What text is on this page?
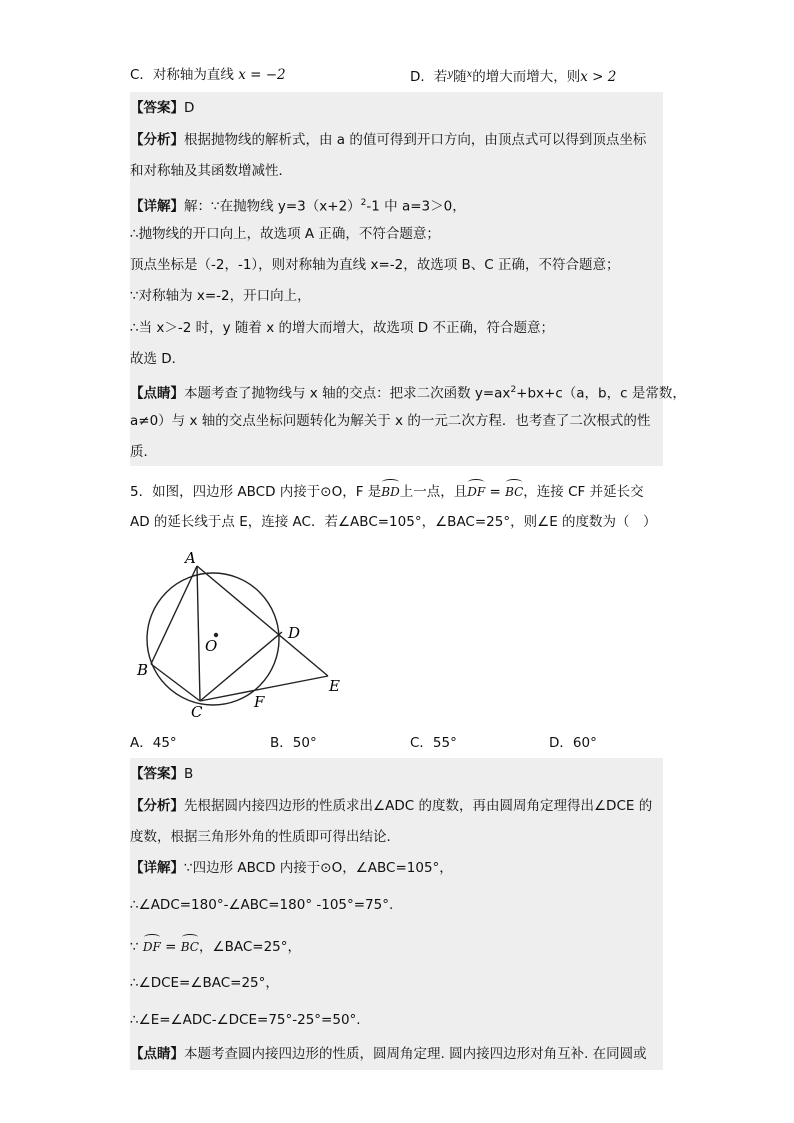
C．对称轴为直线 x = −2	D．若$^y$随$^x$的增大而增大，则x > 2
【答案】D
【分析】根据抛物线的解析式，由 a 的值可得到开口方向，由顶点式可以得到顶点坐标
和对称轴及其函数增减性．
【详解】解：∵在抛物线 $y=3(x+2)^2-1$ 中 a=3＞0，
∴抛物线的开口向上，故选项 A 正确，不符合题意；
顶点坐标是（-2，-1），则对称轴为直线 x=-2，故选项 B、C 正确，不符合题意；
∵对称轴为 x=-2，开口向上，
∴当 x＞-2 时，y 随着 x 的增大而增大，故选项 D 不正确，符合题意；
故选 D．
【点睛】本题考查了抛物线与 x 轴的交点：把求二次函数 $y=ax^2+bx+c(a$，b，c 是常数，
a≠0）与 x 轴的交点坐标问题转化为解关于 x 的一元二次方程．也考查了二次根式的性
质．
5．如图，四边形 ABCD 内接于⊙O，F 是BD上一点，且DF = BC，连接 CF 并延长交
AD 的延长线于点 E，连接 AC．若∠ABC=105°，∠BAC=25°，则∠E 的度数为（　）
A
B
C
D
E
F
O
A．45°	B．50°	C．55°	D．60°
【答案】B
【分析】先根据圆内接四边形的性质求出∠ADC 的度数，再由圆周角定理得出∠DCE 的
度数，根据三角形外角的性质即可得出结论．
【详解】∵四边形 ABCD 内接于⊙O，∠ABC=105°，
∴∠ADC=180°-∠ABC=180° -105°=75°.
∵ DF = BC，∠BAC=25°，
∴∠DCE=∠BAC=25°，
∴∠E=∠ADC-∠DCE=75°-25°=50°.
【点睛】本题考查圆内接四边形的性质，圆周角定理. 圆内接四边形对角互补. 在同圆或
